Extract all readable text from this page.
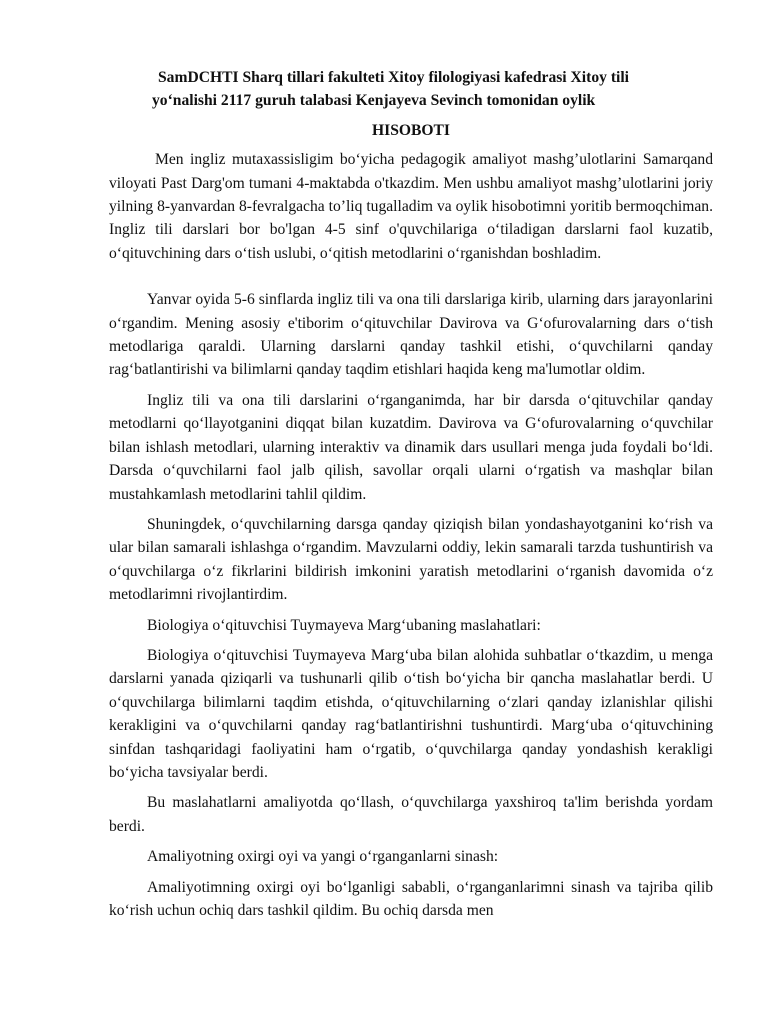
SamDCHTI Sharq tillari fakulteti Xitoy filologiyasi kafedrasi Xitoy tili
yo‘nalishi 2117 guruh talabasi Kenjayeva Sevinch tomonidan oylik
HISOBOTI

Men ingliz mutaxassisligim bo‘yicha pedagogik amaliyot mashg’ulotlarini Samarqand viloyati Past Darg'om tumani 4-maktabda o'tkazdim. Men ushbu amaliyot mashg’ulotlarini joriy yilning 8-yanvardan 8-fevralgacha to’liq tugalladim va oylik hisobotimni yoritib bermoqchiman. Ingliz tili darslari bor bo'lgan 4-5 sinf o'quvchilariga o‘tiladigan darslarni faol kuzatib, o‘qituvchining dars o‘tish uslubi, o‘qitish metodlarini o‘rganishdan boshladim.

Yanvar oyida 5-6 sinflarda ingliz tili va ona tili darslariga kirib, ularning dars jarayonlarini o‘rgandim. Mening asosiy e'tiborim o‘qituvchilar Davirova va G‘ofurovalarning dars o‘tish metodlariga qaraldi. Ularning darslarni qanday tashkil etishi, o‘quvchilarni qanday rag‘batlantirishi va bilimlarni qanday taqdim etishlari haqida keng ma'lumotlar oldim.

Ingliz tili va ona tili darslarini o‘rganganimda, har bir darsda o‘qituvchilar qanday metodlarni qo‘llayotganini diqqat bilan kuzatdim. Davirova va G‘ofurovalarning o‘quvchilar bilan ishlash metodlari, ularning interaktiv va dinamik dars usullari menga juda foydali bo‘ldi. Darsda o‘quvchilarni faol jalb qilish, savollar orqali ularni o‘rgatish va mashqlar bilan mustahkamlash metodlarini tahlil qildim.

Shuningdek, o‘quvchilarning darsga qanday qiziqish bilan yondashayotganini ko‘rish va ular bilan samarali ishlashga o‘rgandim. Mavzularni oddiy, lekin samarali tarzda tushuntirish va o‘quvchilarga o‘z fikrlarini bildirish imkonini yaratish metodlarini o‘rganish davomida o‘z metodlarimni rivojlantirdim.

Biologiya o‘qituvchisi Tuymayeva Marg‘ubaning maslahatlari:

Biologiya o‘qituvchisi Tuymayeva Marg‘uba bilan alohida suhbatlar o‘tkazdim, u menga darslarni yanada qiziqarli va tushunarli qilib o‘tish bo‘yicha bir qancha maslahatlar berdi. U o‘quvchilarga bilimlarni taqdim etishda, o‘qituvchilarning o‘zlari qanday izlanishlar qilishi kerakligini va o‘quvchilarni qanday rag‘batlantirishni tushuntirdi. Marg‘uba o‘qituvchining sinfdan tashqaridagi faoliyatini ham o‘rgatib, o‘quvchilarga qanday yondashish kerakligi bo‘yicha tavsiyalar berdi.

Bu maslahatlarni amaliyotda qo‘llash, o‘quvchilarga yaxshiroq ta'lim berishda yordam berdi.

Amaliyotning oxirgi oyi va yangi o‘rganganlarni sinash:

Amaliyotimning oxirgi oyi bo‘lganligi sababli, o‘rganganlarimni sinash va tajriba qilib ko‘rish uchun ochiq dars tashkil qildim. Bu ochiq darsda men
